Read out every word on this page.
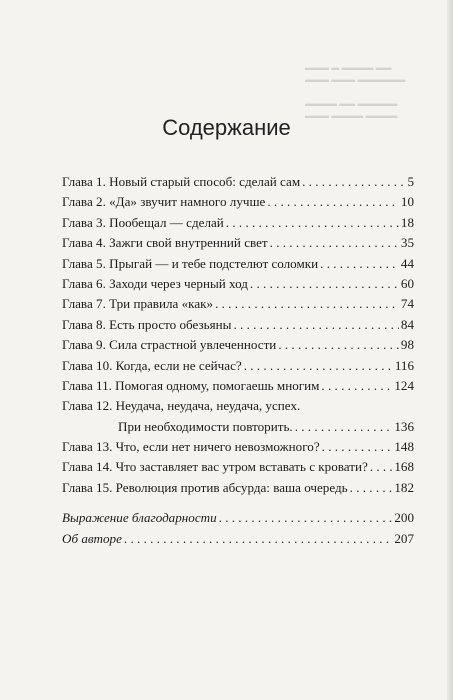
▬▬▬ ▬ ▬▬▬▬ ▬▬
▬▬▬ ▬▬▬ ▬▬▬▬▬▬

▬▬▬▬ ▬▬ ▬▬▬▬▬
▬▬▬ ▬▬▬▬ ▬▬▬▬
Содержание
Глава 1. Новый старый способ: сделай сам . . .	5
Глава 2. «Да» звучит намного лучше . . .	10
Глава 3. Пообещал — сделай . . .	18
Глава 4. Зажги свой внутренний свет . . .	35
Глава 5. Прыгай — и тебе подстелют соломки . . .	44
Глава 6. Заходи через черный ход . . .	60
Глава 7. Три правила «как» . . .	74
Глава 8. Есть просто обезьяны . . .	84
Глава 9. Сила страстной увлеченности . . .	98
Глава 10. Когда, если не сейчас? . . .	116
Глава 11. Помогая одному, помогаешь многим . . .	124
Глава 12. Неудача, неудача, неудача, успех.
При необходимости повторить. . . .	136
Глава 13. Что, если нет ничего невозможного? . . .	148
Глава 14. Что заставляет вас утром вставать с кровати? . . . 168
Глава 15. Революция против абсурда: ваша очередь . . .	182
Выражение благодарности . . .	200
Об авторе . . .	207
